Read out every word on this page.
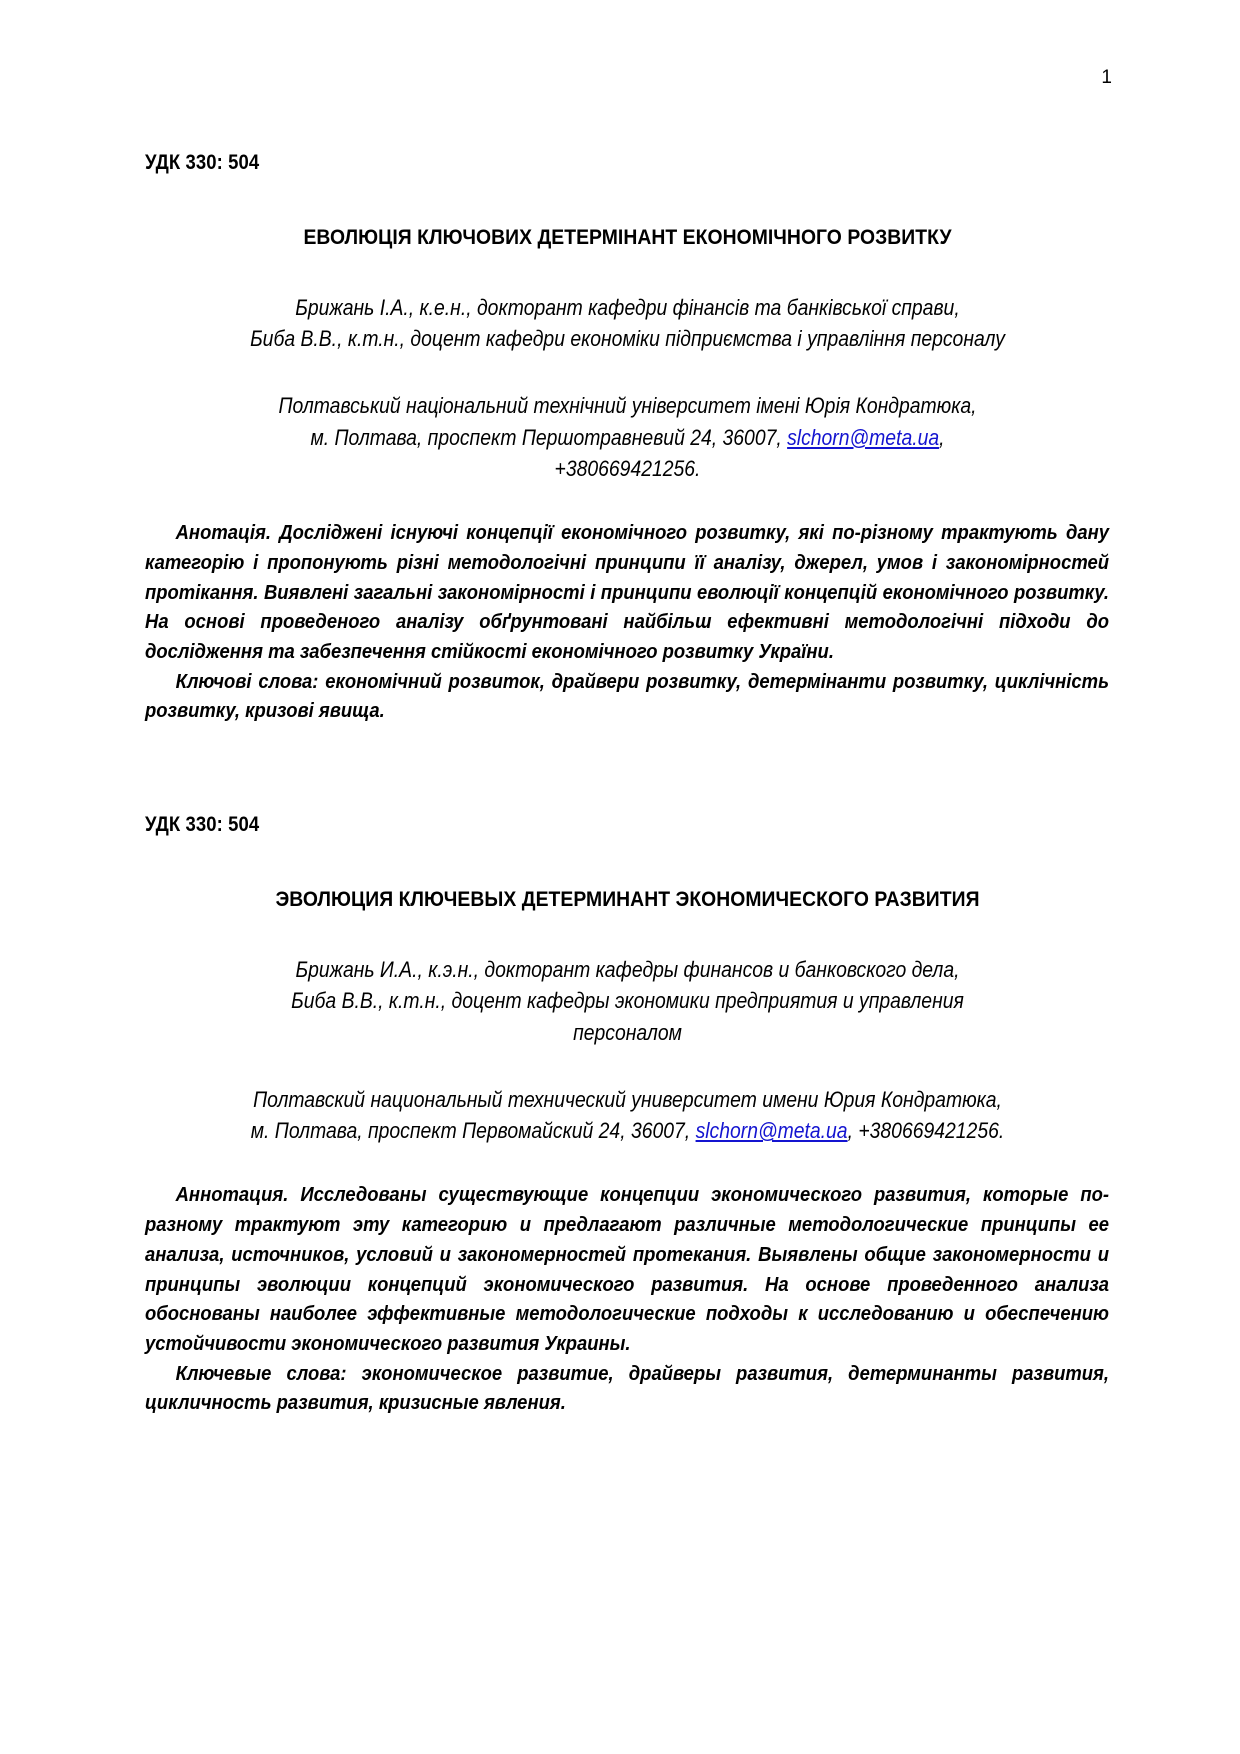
1
УДК 330: 504
ЕВОЛЮЦІЯ КЛЮЧОВИХ ДЕТЕРМІНАНТ ЕКОНОМІЧНОГО РОЗВИТКУ
Брижань І.А., к.е.н., докторант кафедри фінансів та банківської справи,
Биба В.В., к.т.н., доцент кафедри економіки підприємства і управління персоналу
Полтавський національний технічний університет імені Юрія Кондратюка,
м. Полтава, проспект Першотравневий 24, 36007, slchorn@meta.ua,
+380669421256.

Анотація. Досліджені існуючі концепції економічного розвитку, які по-різному трактують дану категорію і пропонують різні методологічні принципи її аналізу, джерел, умов і закономірностей протікання. Виявлені загальні закономірності і принципи еволюції концепцій економічного розвитку. На основі проведеного аналізу обґрунтовані найбільш ефективні методологічні підходи до дослідження та забезпечення стійкості економічного розвитку України.

Ключові слова: економічний розвиток, драйвери розвитку, детермінанти розвитку, циклічність розвитку, кризові явища.

УДК 330: 504
ЭВОЛЮЦИЯ КЛЮЧЕВЫХ ДЕТЕРМИНАНТ ЭКОНОМИЧЕСКОГО РАЗВИТИЯ
Брижань И.А., к.э.н., докторант кафедры финансов и банковского дела,
Биба В.В., к.т.н., доцент кафедры экономики предприятия и управления
персоналом
Полтавский национальный технический университет имени Юрия Кондратюка,
м. Полтава, проспект Первомайский 24, 36007, slchorn@meta.ua, +380669421256.

Аннотация. Исследованы существующие концепции экономического развития, которые по-разному трактуют эту категорию и предлагают различные методологические принципы ее анализа, источников, условий и закономерностей протекания. Выявлены общие закономерности и принципы эволюции концепций экономического развития. На основе проведенного анализа обоснованы наиболее эффективные методологические подходы к исследованию и обеспечению устойчивости экономического развития Украины.

Ключевые слова: экономическое развитие, драйверы развития, детерминанты развития, цикличность развития, кризисные явления.
